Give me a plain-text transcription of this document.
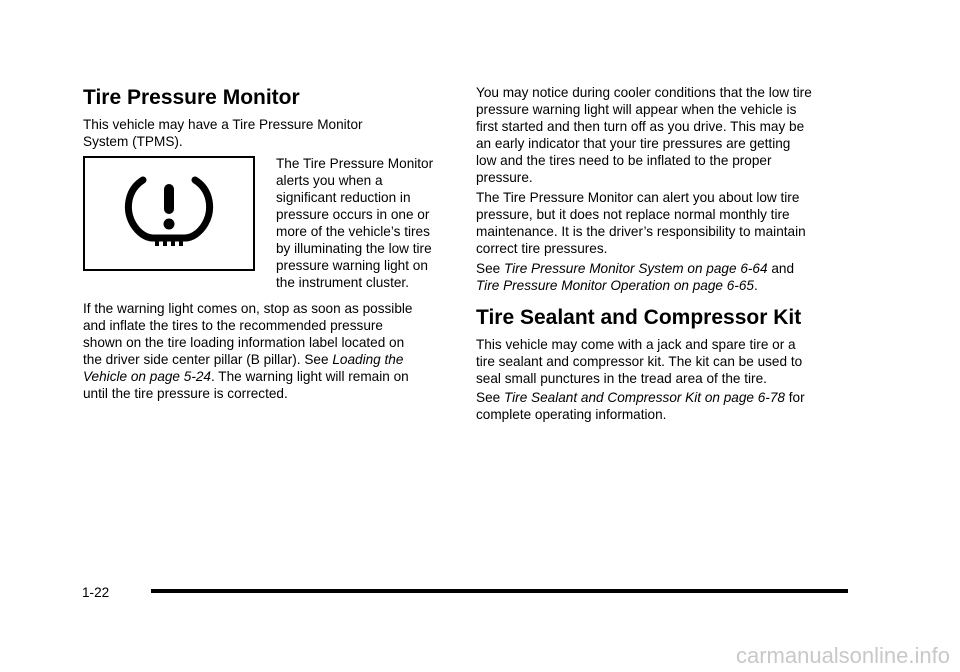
Tire Pressure Monitor

This vehicle may have a Tire Pressure Monitor
System (TPMS).

The Tire Pressure Monitor
alerts you when a
significant reduction in
pressure occurs in one or
more of the vehicle’s tires
by illuminating the low tire
pressure warning light on
the instrument cluster.

If the warning light comes on, stop as soon as possible
and inflate the tires to the recommended pressure
shown on the tire loading information label located on
the driver side center pillar (B pillar). See Loading the
Vehicle on page 5-24. The warning light will remain on
until the tire pressure is corrected.

You may notice during cooler conditions that the low tire
pressure warning light will appear when the vehicle is
first started and then turn off as you drive. This may be
an early indicator that your tire pressures are getting
low and the tires need to be inflated to the proper
pressure.

The Tire Pressure Monitor can alert you about low tire
pressure, but it does not replace normal monthly tire
maintenance. It is the driver’s responsibility to maintain
correct tire pressures.

See Tire Pressure Monitor System on page 6-64 and
Tire Pressure Monitor Operation on page 6-65.

Tire Sealant and Compressor Kit

This vehicle may come with a jack and spare tire or a
tire sealant and compressor kit. The kit can be used to
seal small punctures in the tread area of the tire.

See Tire Sealant and Compressor Kit on page 6-78 for
complete operating information.

1-22
carmanualsonline.info
